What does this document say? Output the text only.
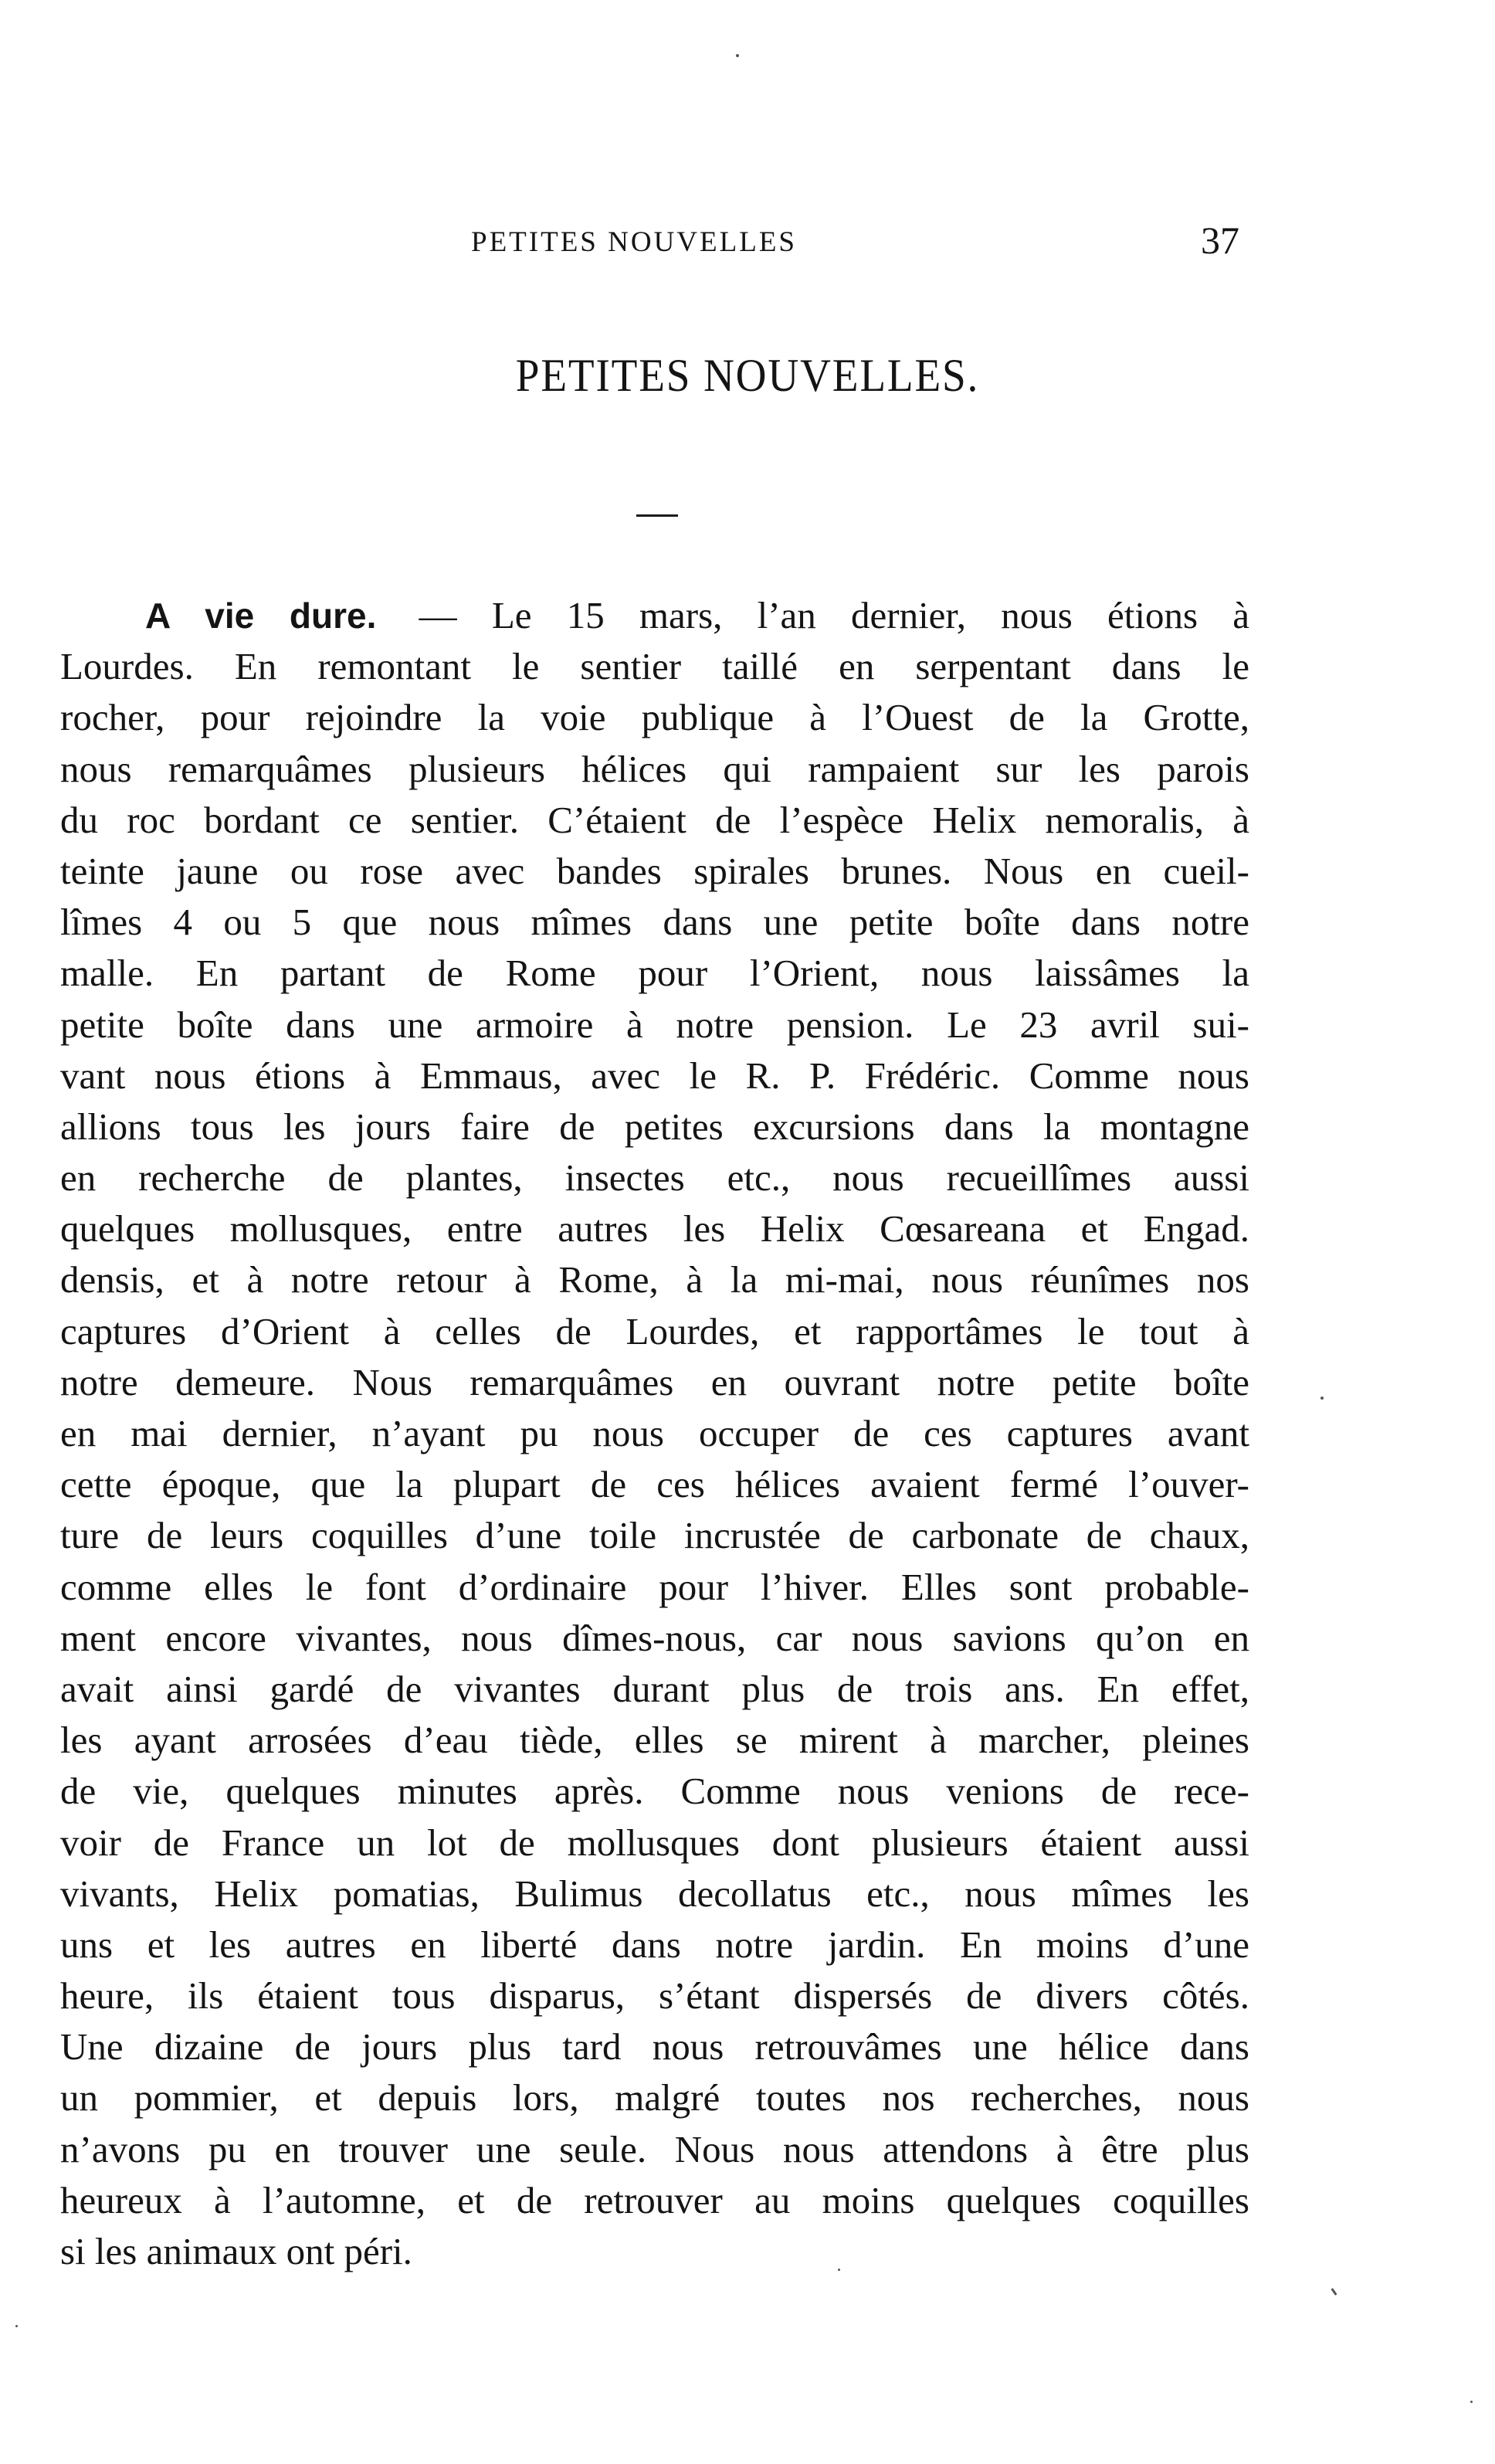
PETITES NOUVELLES	37
PETITES NOUVELLES.
A vie dure. — Le 15 mars, l’an dernier, nous étions à
Lourdes. En remontant le sentier taillé en serpentant dans le
rocher, pour rejoindre la voie publique à l’Ouest de la Grotte,
nous remarquâmes plusieurs hélices qui rampaient sur les parois
du roc bordant ce sentier. C’étaient de l’espèce Helix nemoralis, à
teinte jaune ou rose avec bandes spirales brunes. Nous en cueil-
lîmes 4 ou 5 que nous mîmes dans une petite boîte dans notre
malle. En partant de Rome pour l’Orient, nous laissâmes la
petite boîte dans une armoire à notre pension. Le 23 avril sui-
vant nous étions à Emmaus, avec le R. P. Frédéric. Comme nous
allions tous les jours faire de petites excursions dans la montagne
en recherche de plantes, insectes etc., nous recueillîmes aussi
quelques mollusques, entre autres les Helix Cœsareana et Engad.
densis, et à notre retour à Rome, à la mi-mai, nous réunîmes nos
captures d’Orient à celles de Lourdes, et rapportâmes le tout à
notre demeure. Nous remarquâmes en ouvrant notre petite boîte
en mai dernier, n’ayant pu nous occuper de ces captures avant
cette époque, que la plupart de ces hélices avaient fermé l’ouver-
ture de leurs coquilles d’une toile incrustée de carbonate de chaux,
comme elles le font d’ordinaire pour l’hiver. Elles sont probable-
ment encore vivantes, nous dîmes-nous, car nous savions qu’on en
avait ainsi gardé de vivantes durant plus de trois ans. En effet,
les ayant arrosées d’eau tiède, elles se mirent à marcher, pleines
de vie, quelques minutes après. Comme nous venions de rece-
voir de France un lot de mollusques dont plusieurs étaient aussi
vivants, Helix pomatias, Bulimus decollatus etc., nous mîmes les
uns et les autres en liberté dans notre jardin. En moins d’une
heure, ils étaient tous disparus, s’étant dispersés de divers côtés.
Une dizaine de jours plus tard nous retrouvâmes une hélice dans
un pommier, et depuis lors, malgré toutes nos recherches, nous
n’avons pu en trouver une seule. Nous nous attendons à être plus
heureux à l’automne, et de retrouver au moins quelques coquilles
si les animaux ont péri.
